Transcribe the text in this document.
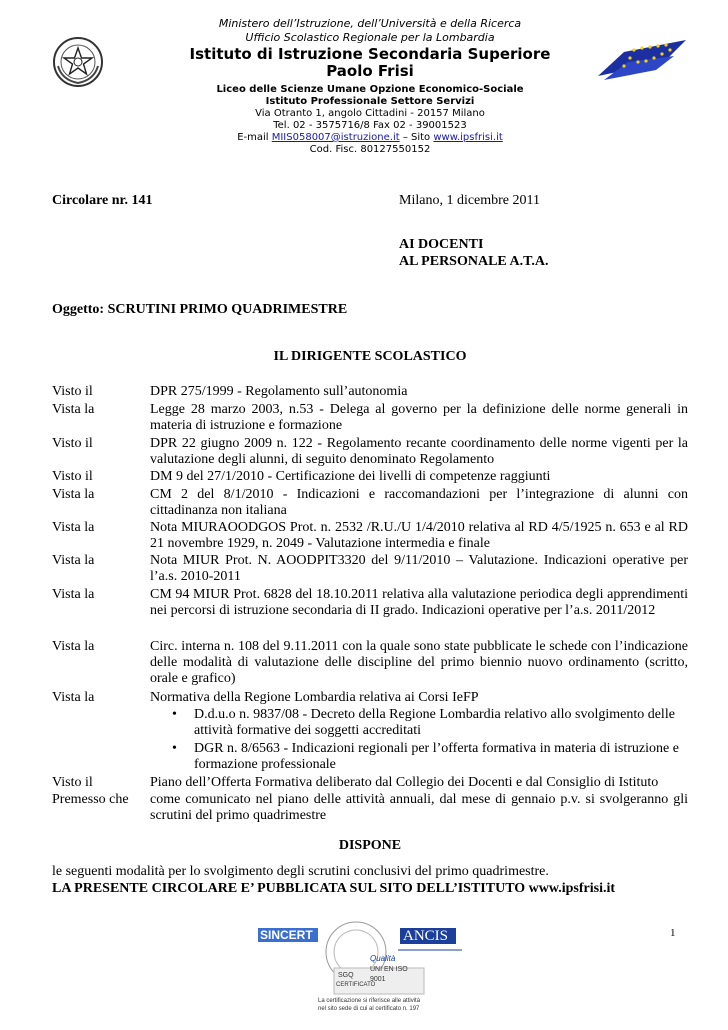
Ministero dell’Istruzione, dell’Università e della Ricerca
Ufficio Scolastico Regionale per la Lombardia
Istituto di Istruzione Secondaria Superiore
Paolo Frisi
Liceo delle Scienze Umane Opzione Economico-Sociale
Istituto Professionale Settore Servizi
Via Otranto 1, angolo Cittadini - 20157 Milano
Tel. 02 - 3575716/8 Fax 02 - 39001523
E-mail MIIS058007@istruzione.it – Sito www.ipsfrisi.it
Cod. Fisc. 80127550152
Circolare nr. 141	Milano, 1 dicembre 2011
AI DOCENTI
AL PERSONALE A.T.A.
Oggetto: SCRUTINI PRIMO QUADRIMESTRE
IL DIRIGENTE SCOLASTICO
Visto il	DPR 275/1999 - Regolamento sull’autonomia
Vista la	Legge 28 marzo 2003, n.53 - Delega al governo per la definizione delle norme generali in materia di istruzione e formazione
Visto il	DPR 22 giugno 2009 n. 122 - Regolamento recante coordinamento delle norme vigenti per la valutazione degli alunni, di seguito denominato Regolamento
Visto il	DM 9 del 27/1/2010 - Certificazione dei livelli di competenze raggiunti
Vista la	CM 2 del 8/1/2010 - Indicazioni e raccomandazioni per l’integrazione di alunni con cittadinanza non italiana
Vista la	Nota MIURAOODGOS Prot. n. 2532 /R.U./U 1/4/2010 relativa al RD 4/5/1925 n. 653 e al RD 21 novembre 1929, n. 2049 - Valutazione intermedia e finale
Vista la	Nota MIUR Prot. N. AOODPIT3320 del 9/11/2010 – Valutazione. Indicazioni operative per l’a.s. 2010-2011
Vista la	CM 94 MIUR Prot. 6828 del 18.10.2011 relativa alla valutazione periodica degli apprendimenti nei percorsi di istruzione secondaria di II grado. Indicazioni operative per l’a.s. 2011/2012
Vista la	Circ. interna n. 108 del 9.11.2011 con la quale sono state pubblicate le schede con l’indicazione delle modalità di valutazione delle discipline del primo biennio nuovo ordinamento (scritto, orale e grafico)
Vista la	Normativa della Regione Lombardia relativa ai Corsi IeFP
• D.d.u.o n. 9837/08 - Decreto della Regione Lombardia relativo allo svolgimento delle attività formative dei soggetti accreditati
• DGR n. 8/6563 - Indicazioni regionali per l’offerta formativa in materia di istruzione e formazione professionale
Visto il	Piano dell’Offerta Formativa deliberato dal Collegio dei Docenti e dal Consiglio di Istituto
Premesso che	come comunicato nel piano delle attività annuali, dal mese di gennaio p.v. si svolgeranno gli scrutini del primo quadrimestre
DISPONE
le seguenti modalità per lo svolgimento degli scrutini conclusivi del primo quadrimestre.
LA PRESENTE CIRCOLARE E’ PUBBLICATA SUL SITO DELL’ISTITUTO www.ipsfrisi.it
1
SINCERT	ANCIS
Qualità
UNI EN ISO
9001
SGQ
CERTIFICATO
La certificazione si riferisce alle attività
nel sito sede di cui al certificato n. 197
